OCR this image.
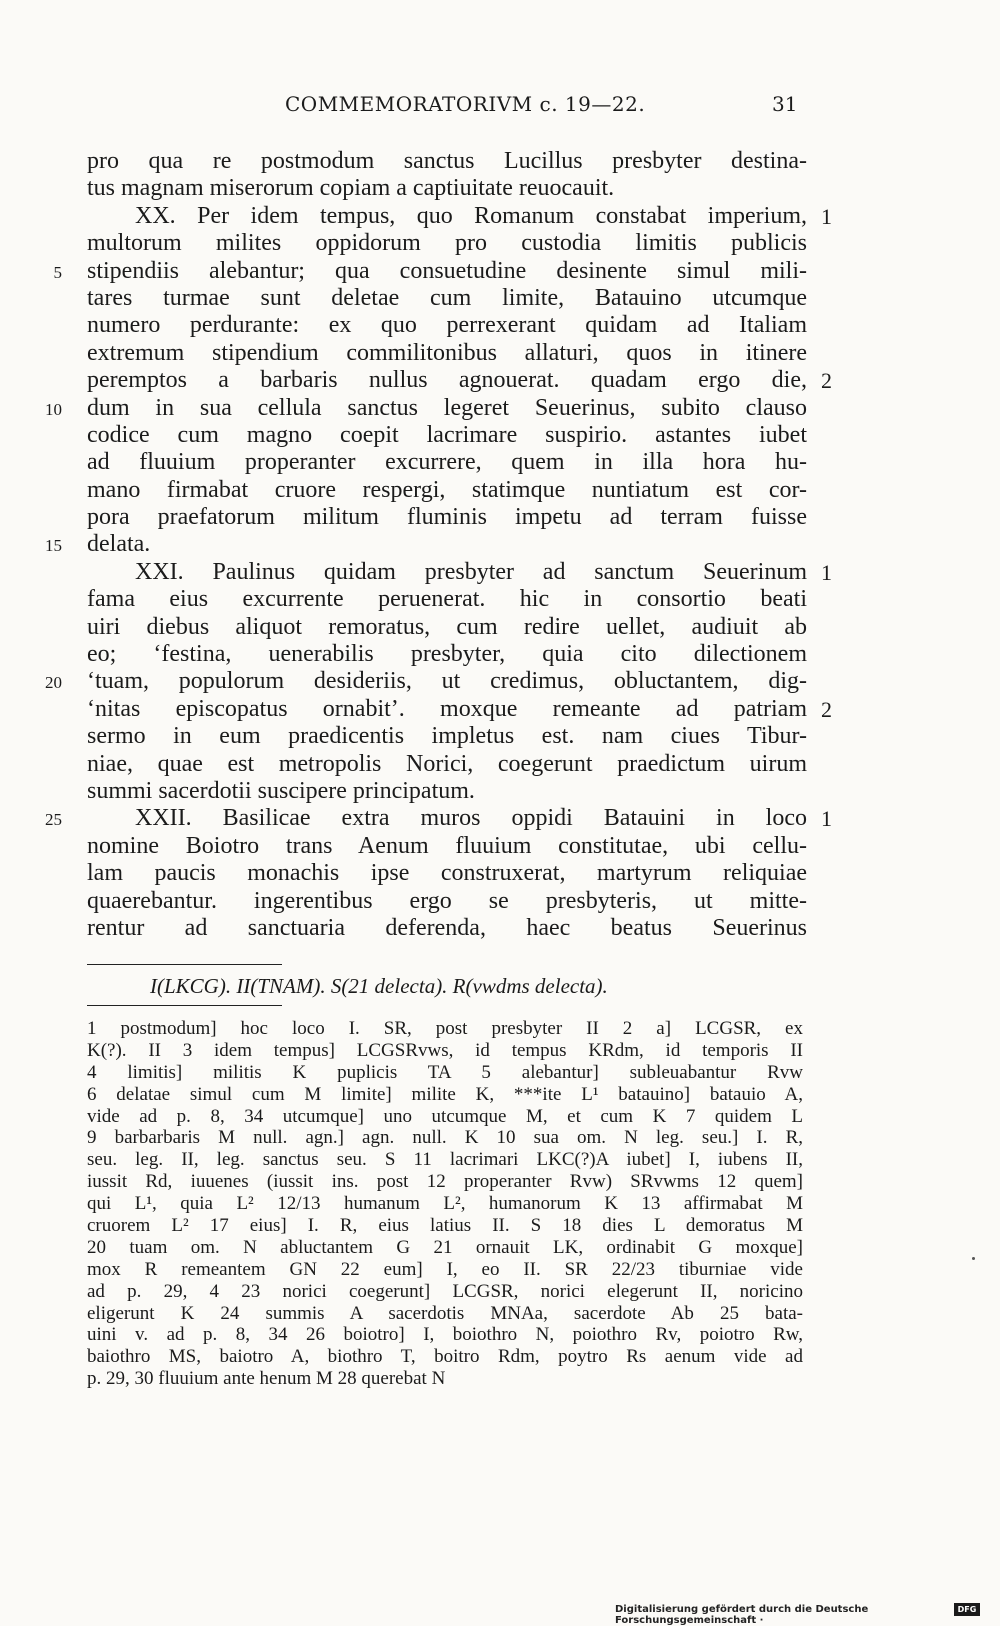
COMMEMORATORIVM c. 19—22.	31
pro qua re postmodum sanctus Lucillus presbyter destina-
tus magnam miserorum copiam a captiuitate reuocauit.
XX. Per idem tempus, quo Romanum constabat imperium, 1
multorum milites oppidorum pro custodia limitis publicis
5 stipendiis alebantur; qua consuetudine desinente simul mili-
tares turmae sunt deletae cum limite, Batauino utcumque
numero perdurante: ex quo perrexerant quidam ad Italiam
extremum stipendium commilitonibus allaturi, quos in itinere
peremptos a barbaris nullus agnouerat. quadam ergo die, 2
10 dum in sua cellula sanctus legeret Seuerinus, subito clauso
codice cum magno coepit lacrimare suspirio. astantes iubet
ad fluuium properanter excurrere, quem in illa hora hu-
mano firmabat cruore respergi, statimque nuntiatum est cor-
pora praefatorum militum fluminis impetu ad terram fuisse
15 delata.
XXI. Paulinus quidam presbyter ad sanctum Seuerinum 1
fama eius excurrente peruenerat. hic in consortio beati
uiri diebus aliquot remoratus, cum redire uellet, audiuit ab
eo; ‘festina, uenerabilis presbyter, quia cito dilectionem
20 ‘tuam, populorum desideriis, ut credimus, obluctantem, dig-
‘nitas episcopatus ornabit’. moxque remeante ad patriam 2
sermo in eum praedicentis impletus est. nam ciues Tibur-
niae, quae est metropolis Norici, coegerunt praedictum uirum
summi sacerdotii suscipere principatum.
25	XXII. Basilicae extra muros oppidi Batauini in loco 1
nomine Boiotro trans Aenum fluuium constitutae, ubi cellu-
lam paucis monachis ipse construxerat, martyrum reliquiae
quaerebantur. ingerentibus ergo se presbyteris, ut mitte-
rentur ad sanctuaria deferenda, haec beatus Seuerinus
I(LKCG). II(TNAM). S(21 delecta). R(vwdms delecta).
1 postmodum] hoc loco I. SR, post presbyter II 2 a] LCGSR, ex
K(?). II 3 idem tempus] LCGSRvws, id tempus KRdm, id temporis II
4 limitis] militis K puplicis TA 5 alebantur] subleuabantur Rvw
6 delatae simul cum M limite] milite K, ***ite L¹ batauino] batauio A,
vide ad p. 8, 34 utcumque] uno utcumque M, et cum K 7 quidem L
9 barbarbaris M null. agn.] agn. null. K 10 sua om. N leg. seu.] I. R,
seu. leg. II, leg. sanctus seu. S 11 lacrimari LKC(?)A iubet] I, iubens II,
iussit Rd, iuuenes (iussit ins. post 12 properanter Rvw) SRvwms 12 quem]
qui L¹, quia L² 12/13 humanum L², humanorum K 13 affirmabat M
cruorem L² 17 eius] I. R, eius latius II. S 18 dies L demoratus M
20 tuam om. N abluctantem G 21 ornauit LK, ordinabit G moxque]
mox R remeantem GN 22 eum] I, eo II. SR 22/23 tiburniae vide
ad p. 29, 4 23 norici coegerunt] LCGSR, norici elegerunt II, noricino
eligerunt K 24 summis A sacerdotis MNAa, sacerdote Ab 25 bata-
uini v. ad p. 8, 34 26 boiotro] I, boiothro N, poiothro Rv, poiotro Rw,
baiothro MS, baiotro A, biothro T, boitro Rdm, poytro Rs aenum vide ad
p. 29, 30 fluuium ante henum M 28 querebat N
Digitalisierung gefördert durch die Deutsche Forschungsgemeinschaft ·
DFG
